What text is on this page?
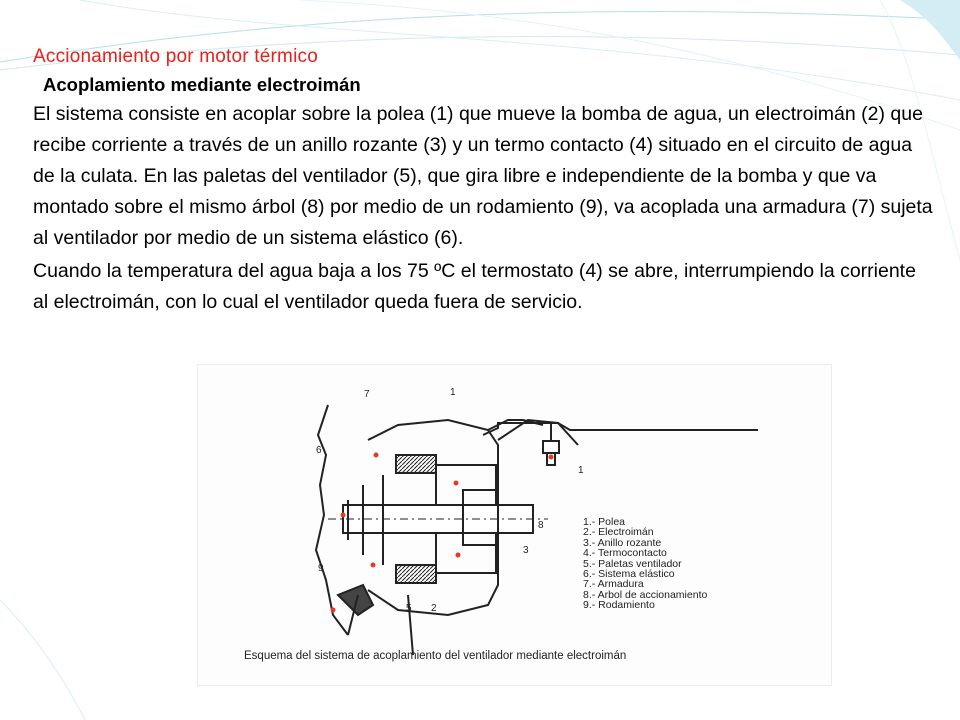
Accionamiento por motor térmico
Acoplamiento mediante electroimán
El sistema consiste en acoplar sobre la polea (1) que mueve la bomba de agua, un electroimán (2) que recibe corriente a través de un anillo rozante (3) y un termo contacto (4) situado en el circuito de agua de la culata. En las paletas del ventilador (5), que gira libre e independiente de la bomba y que va montado sobre el mismo árbol (8) por medio de un rodamiento (9), va acoplada una armadura (7) sujeta al ventilador por medio de un sistema elástico (6).
Cuando la temperatura del agua baja a los 75 ºC el termostato (4) se abre, interrumpiendo la corriente al electroimán, con lo cual el ventilador queda fuera de servicio.
7	1
6
1
8
3
9
5 2
1.- Polea
2.- Electroimán
3.- Anillo rozante
4.- Termocontacto
5.- Paletas ventilador
6.- Sistema elástico
7.- Armadura
8.- Arbol de accionamiento
9.- Rodamiento
Esquema del sistema de acoplamiento del ventilador mediante electroimán
